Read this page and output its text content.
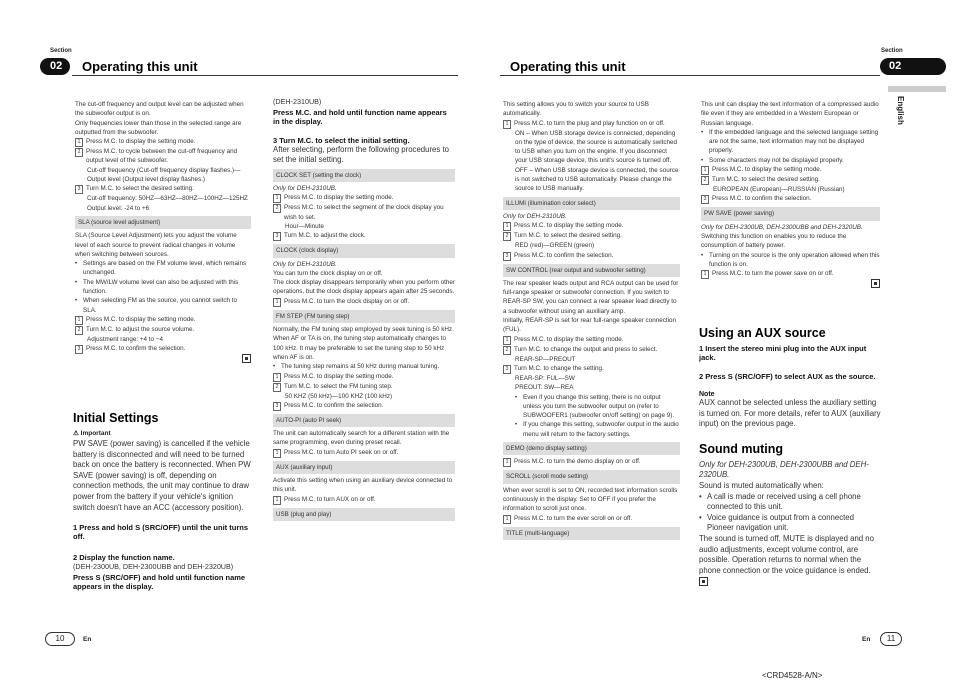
Section
02 Operating this unit
Section
02
Operating this unit
English

The cut-off frequency and output level can be adjusted when the subwoofer output is on.

Only frequencies lower than those in the selected range are outputted from the subwoofer.

1 Press M.C. to display the setting mode.
2 Press M.C. to cycle between the cut-off frequency and output level of the subwoofer.

Cut-off frequency (Cut-off frequency display flashes.)—Output level (Output level display flashes.)

3 Turn M.C. to select the desired setting.

Cut-off frequency: 50HZ—63HZ—80HZ—100HZ—125HZ

Output level: -24 to +6

SLA (source level adjustment)

SLA (Source Level Adjustment) lets you adjust the volume level of each source to prevent radical changes in volume when switching between sources.

• Settings are based on the FM volume level, which remains unchanged.
• The MW/LW volume level can also be adjusted with this function.
• When selecting FM as the source, you cannot switch to SLA.
1 Press M.C. to display the setting mode.
2 Turn M.C. to adjust the source volume.

Adjustment range: +4 to −4

3 Press M.C. to confirm the selection.
Initial Settings
⚠ Important
PW SAVE (power saving) is cancelled if the vehicle battery is disconnected and will need to be turned back on once the battery is reconnected. When PW SAVE (power saving) is off, depending on connection methods, the unit may continue to draw power from the battery if your vehicle's ignition switch doesn't have an ACC (accessory position).
1 Press and hold S (SRC/OFF) until the unit turns off.
2 Display the function name.
(DEH-2300UB, DEH-2300UBB and DEH-2320UB)
Press S (SRC/OFF) and hold until function name appears in the display.
(DEH-2310UB)
Press M.C. and hold until function name appears in the display.
3 Turn M.C. to select the initial setting.
After selecting, perform the following procedures to set the initial setting.
CLOCK SET (setting the clock)

Only for DEH-2310UB.

1 Press M.C. to display the setting mode.
2 Press M.C. to select the segment of the clock display you wish to set.

Hour—Minute

3 Turn M.C. to adjust the clock.
CLOCK (clock display)

Only for DEH-2310UB.

You can turn the clock display on or off.

The clock display disappears temporarily when you perform other operations, but the clock display appears again after 25 seconds.

1 Press M.C. to turn the clock display on or off.
FM STEP (FM tuning step)

Normally, the FM tuning step employed by seek tuning is 50 kHz. When AF or TA is on, the tuning step automatically changes to 100 kHz. It may be preferable to set the tuning step to 50 kHz when AF is on.

• The tuning step remains at 50 kHz during manual tuning.
1 Press M.C. to display the setting mode.
2 Turn M.C. to select the FM tuning step.

50 KHZ (50 kHz)—100 KHZ (100 kHz)

3 Press M.C. to confirm the selection.
AUTO-PI (auto PI seek)

The unit can automatically search for a different station with the same programming, even during preset recall.

1 Press M.C. to turn Auto PI seek on or off.
AUX (auxiliary input)

Activate this setting when using an auxiliary device connected to this unit.

1 Press M.C. to turn AUX on or off.
USB (plug and play)

This setting allows you to switch your source to USB automatically.

1 Press M.C. to turn the plug and play function on or off.

ON – When USB storage device is connected, depending on the type of device, the source is automatically switched to USB when you turn on the engine. If you disconnect your USB storage device, this unit's source is turned off.

OFF – When USB storage device is connected, the source is not switched to USB automatically. Please change the source to USB manually.

ILLUMI (illumination color select)

Only for DEH-2310UB.

1 Press M.C. to display the setting mode.
2 Turn M.C. to select the desired setting.

RED (red)—GREEN (green)

3 Press M.C. to confirm the selection.
SW CONTROL (rear output and subwoofer setting)

The rear speaker leads output and RCA output can be used for full-range speaker or subwoofer connection. If you switch to REAR-SP SW, you can connect a rear speaker lead directly to a subwoofer without using an auxiliary amp.

Initially, REAR-SP is set for rear full-range speaker connection (FUL).

1 Press M.C. to display the setting mode.
2 Turn M.C. to change the output and press to select.

REAR-SP—PREOUT

3 Turn M.C. to change the setting.

REAR-SP: FUL—SW

PREOUT: SW—REA

• Even if you change this setting, there is no output unless you turn the subwoofer output on (refer to SUBWOOFER1 (subwoofer on/off setting) on page 9).
• If you change this setting, subwoofer output in the audio menu will return to the factory settings.
DEMO (demo display setting)
1 Press M.C. to turn the demo display on or off.
SCROLL (scroll mode setting)

When ever scroll is set to ON, recorded text information scrolls continuously in the display. Set to OFF if you prefer the information to scroll just once.

1 Press M.C. to turn the ever scroll on or off.
TITLE (multi-language)

This unit can display the text information of a compressed audio file even if they are embedded in a Western European or Russian language.

• If the embedded language and the selected language setting are not the same, text information may not be displayed properly.
• Some characters may not be displayed properly.
1 Press M.C. to display the setting mode.
2 Turn M.C. to select the desired setting.

EUROPEAN (European)—RUSSIAN (Russian)

3 Press M.C. to confirm the selection.
PW SAVE (power saving)

Only for DEH-2300UB, DEH-2300UBB and DEH-2320UB.

Switching this function on enables you to reduce the consumption of battery power.

• Turning on the source is the only operation allowed when this function is on.
1 Press M.C. to turn the power save on or off.
Using an AUX source
1 Insert the stereo mini plug into the AUX input jack.
2 Press S (SRC/OFF) to select AUX as the source.
Note
AUX cannot be selected unless the auxiliary setting is turned on. For more details, refer to AUX (auxiliary input) on the previous page.
Sound muting
Only for DEH-2300UB, DEH-2300UBB and DEH-2320UB.
Sound is muted automatically when:
• A call is made or received using a cell phone connected to this unit.
• Voice guidance is output from a connected Pioneer navigation unit.
The sound is turned off, MUTE is displayed and no audio adjustments, except volume control, are possible. Operation returns to normal when the phone connection or the voice guidance is ended.
10	En	En	11
<CRD4528-A/N>
